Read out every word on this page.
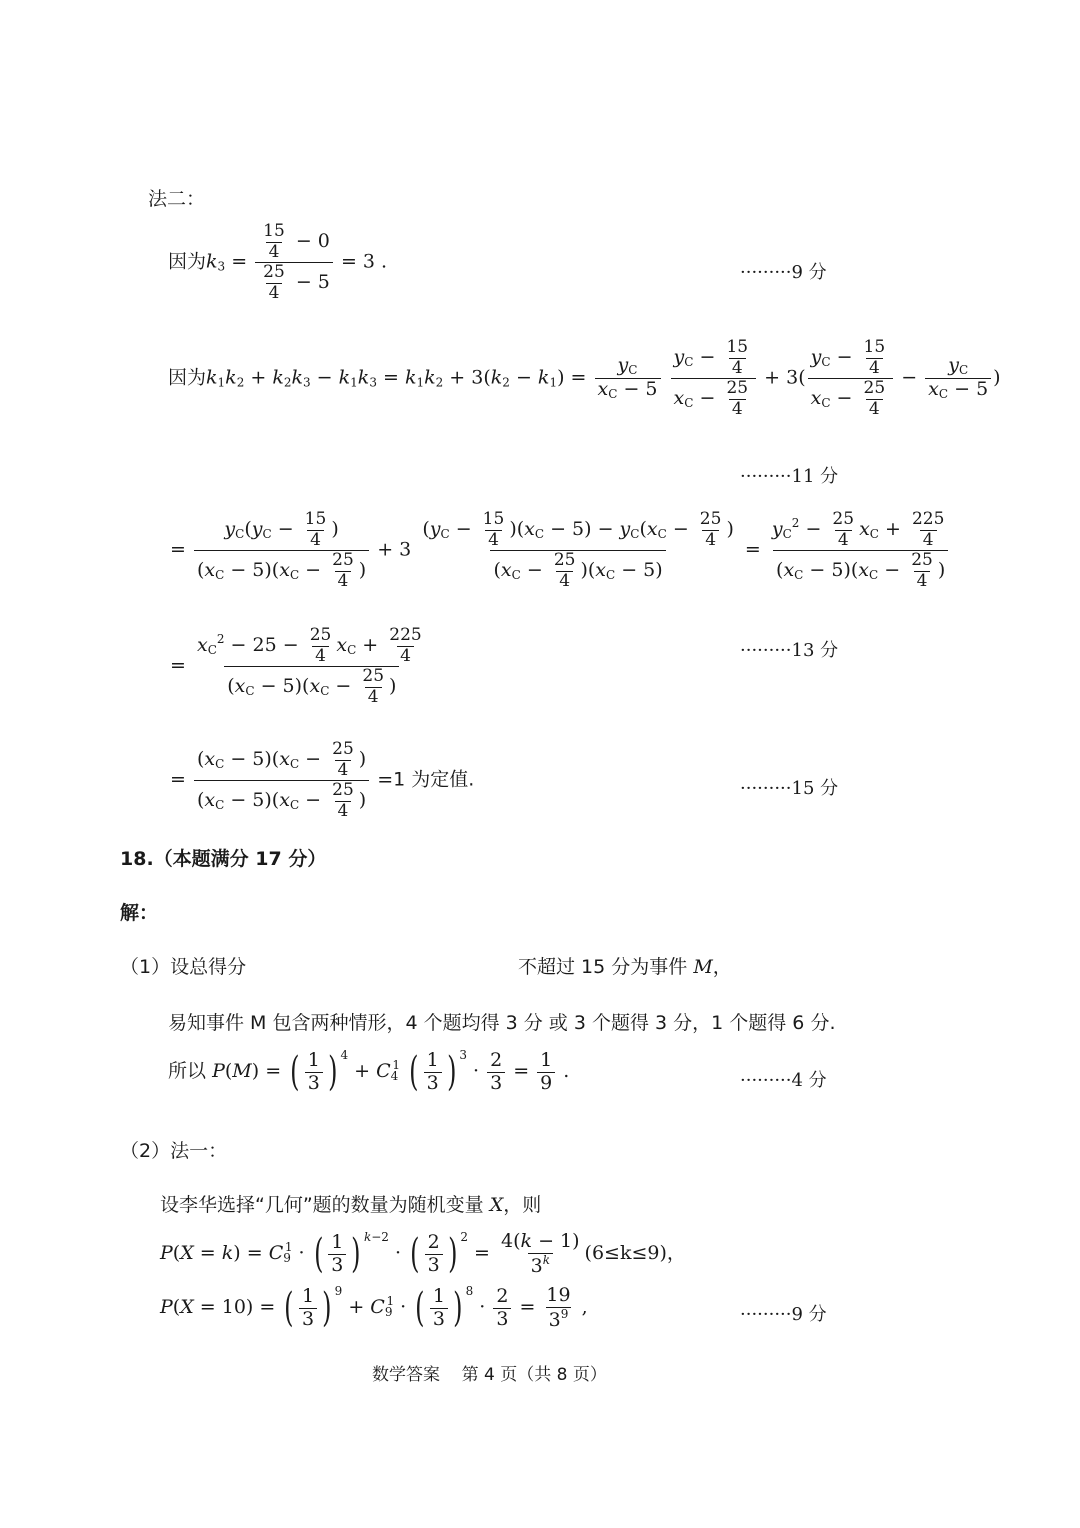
法二：
因为$k_3 = \frac{\frac{15}{4} - 0}{\frac{25}{4} - 5} = 3$ .	·········9 分
因为$k_1k_2 + k_2k_3 - k_1k_3 = k_1k_2 + 3(k_2 - k_1) = \frac{y_C}{x_C - 5}$
$\frac{y_C - \frac{15}{4}}{x_C - \frac{25}{4}} + 3( \frac{y_C - \frac{15}{4}}{x_C - \frac{25}{4}} - \frac{y_C}{x_C - 5}$ )
·········11 分
= $\frac{y_C(y_C - \frac{15}{4} )}{(x_C - 5)(x_C - \frac{25}{4} )} + 3 \frac{(y_C - \frac{15}{4} )(x_C - 5) - y_C(x_C - \frac{25}{4} )}{(x_C - \frac{25}{4} )(x_C - 5)} = \frac{y_C^2 - \frac{25}{4} x_C + \frac{225}{4}}{(x_C - 5)(x_C - \frac{25}{4} )}$
= $\frac{x_C^2 - 25 - \frac{25}{4} x_C + \frac{225}{4}}{(x_C - 5)(x_C - \frac{25}{4} )}$	·········13 分
= $\frac{(x_C - 5)(x_C - \frac{25}{4} )}{(x_C - 5)(x_C - \frac{25}{4} )} =1$ 为定值.	·········15 分
18.（本题满分 17 分）
解：
（1）设总得分	不超过 15 分为事件 M，
易知事件 M 包含两种情形，4 个题均得 3 分 或 3 个题得 3 分，1 个题得 6 分.
所以 P(M) = ( $\frac{1}{3}$ ) $^4 + C_4^1$ ( $\frac{1}{3}$ ) $^3 \cdot \frac{2}{3} = \frac{1}{9}$ .	·········4 分
（2）法一：
设李华选择“几何”题的数量为随机变量 X，则
$P(X = k) = C_9^1$ · ( $\frac{1}{3}$ ) $^{k-2}$ · ( $\frac{2}{3}$ ) $^2 = \frac{4(k - 1)}{3^k} (6\le k\le 9)$，
P(X = 10) = ( $\frac{1}{3}$ ) $^9 + C_9^1$ · ( $\frac{1}{3}$ ) $^8 \cdot \frac{2}{3} = \frac{19}{3^9}$ ,	·········9 分
数学答案    第 4 页（共 8 页）
